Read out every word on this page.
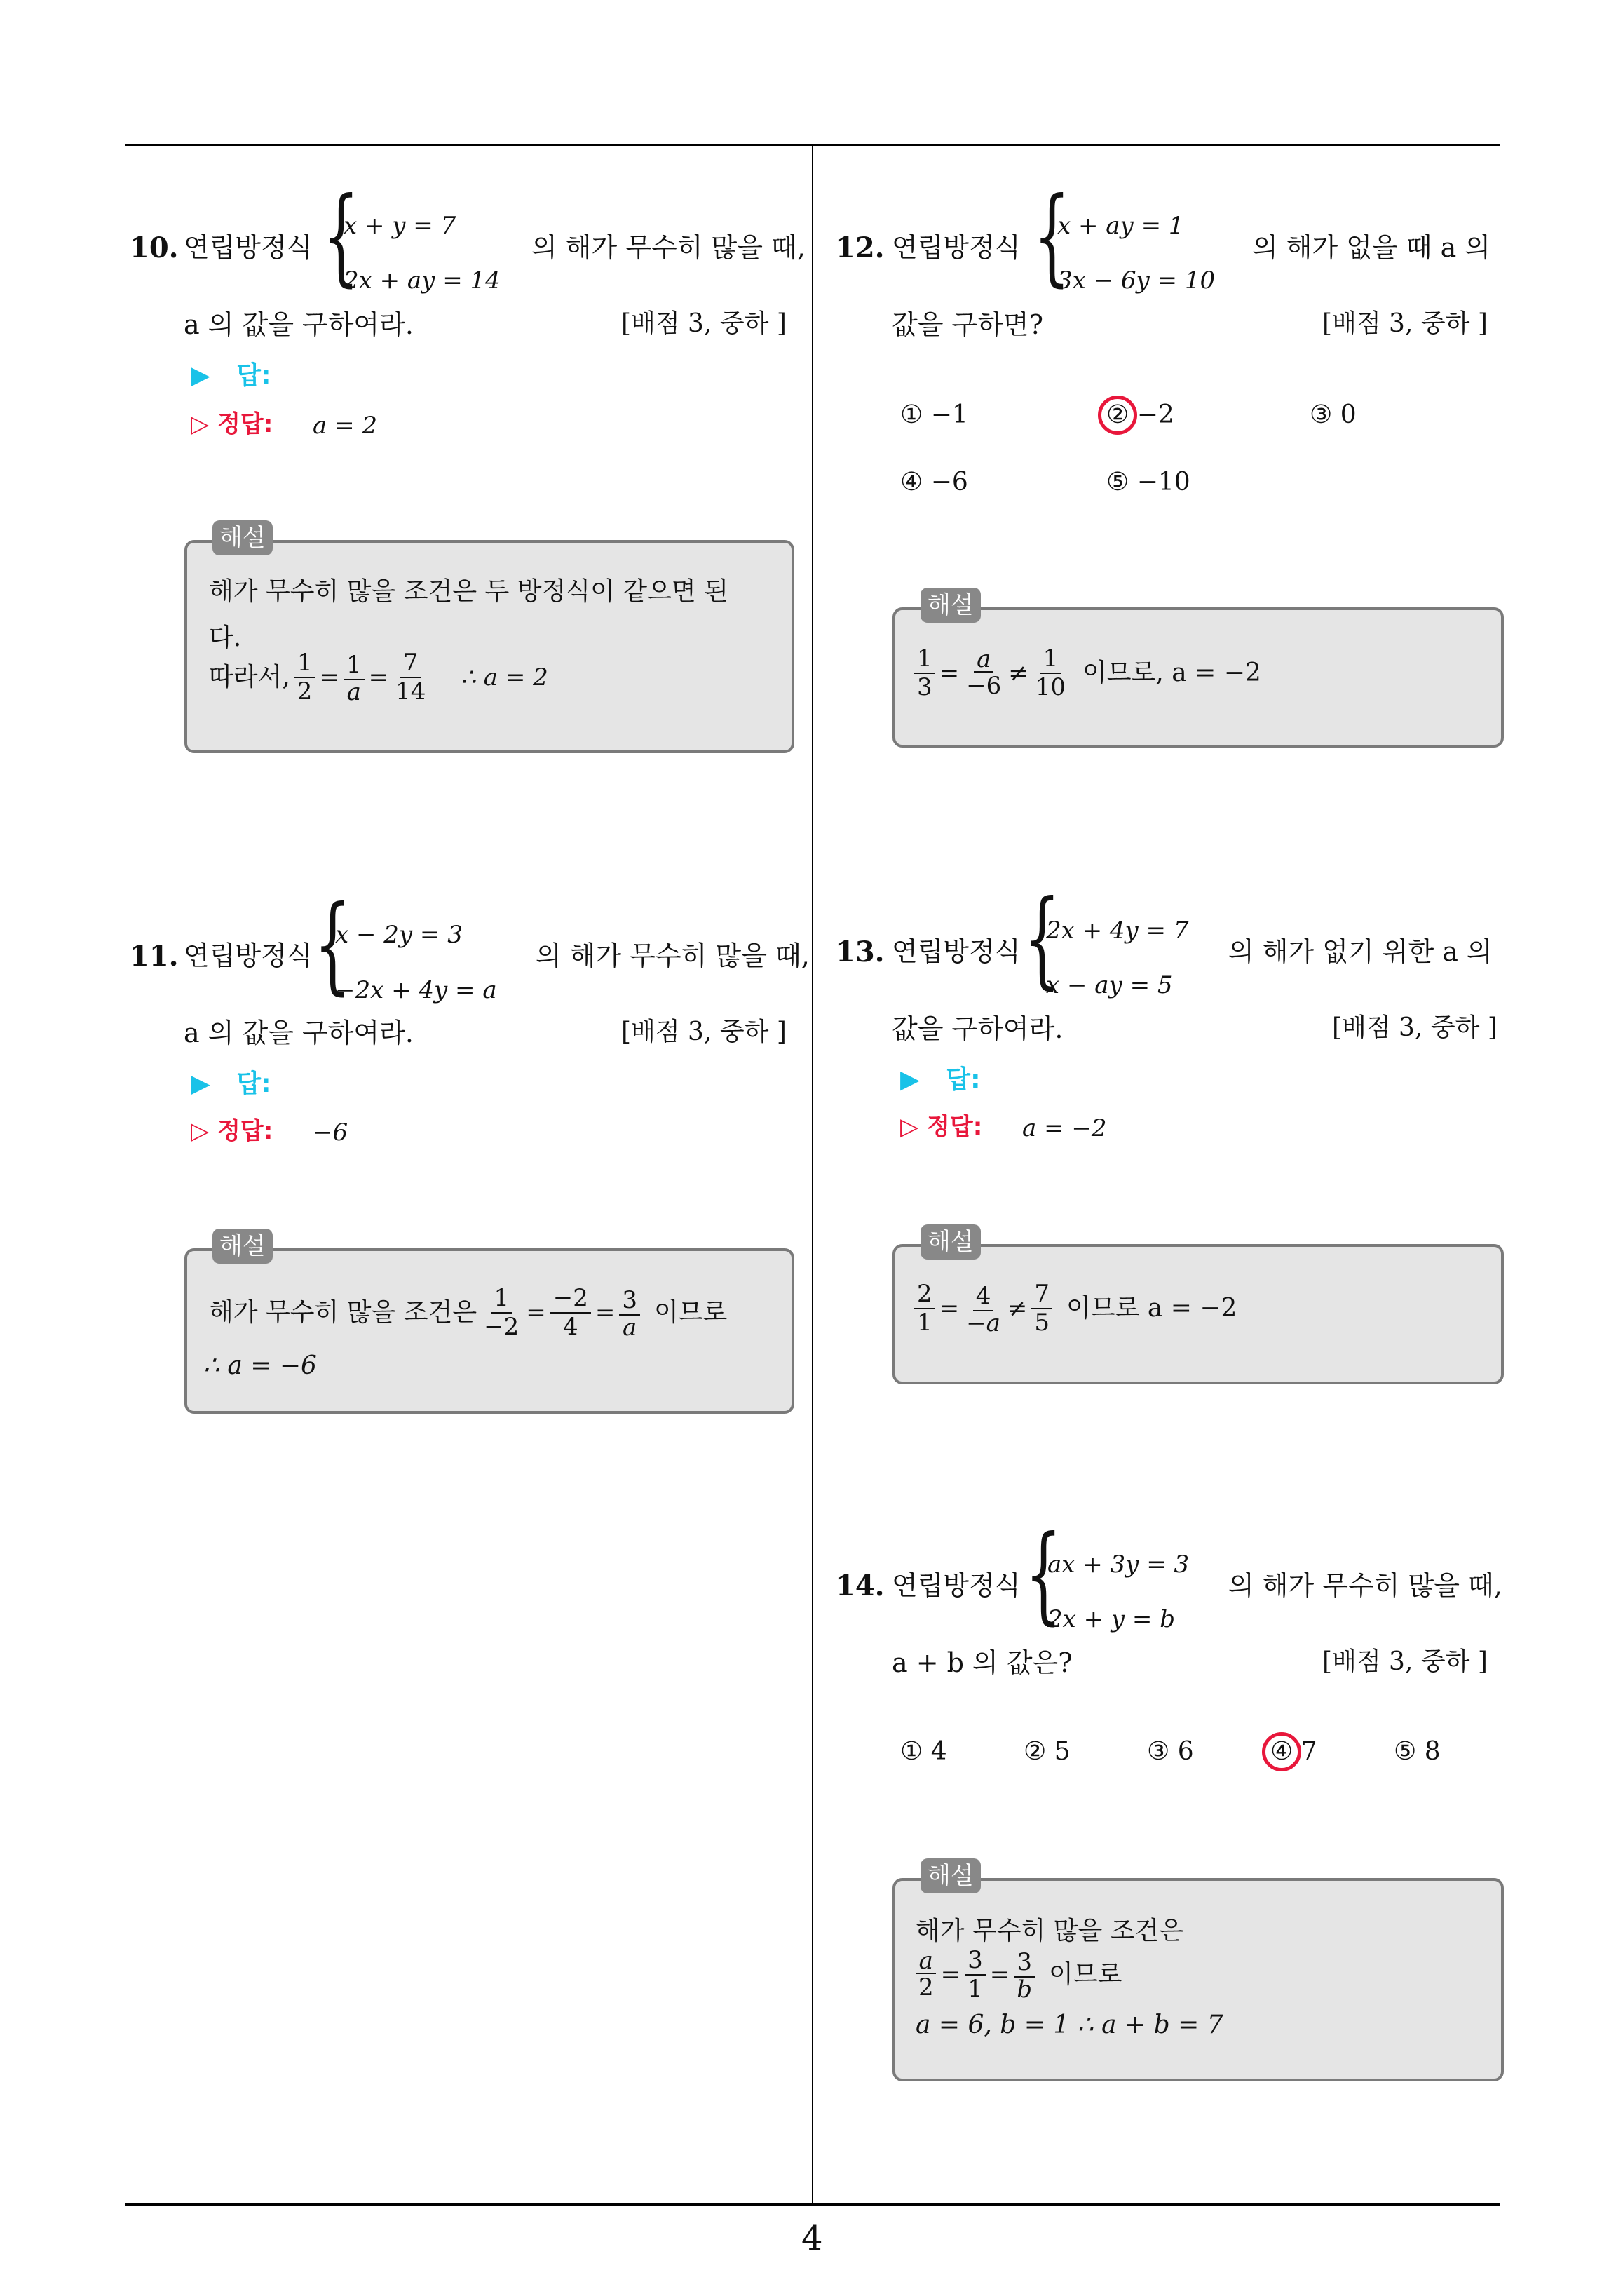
4
10. 연립방정식 {
x + y = 7
2x + ay = 14
의 해가 무수히 많을 때,
a 의 값을 구하여라.	[배점 3, 중하 ]
▶ 답:
▷ 정답: a = 2
해설
해가 무수히 많을 조건은 두 방정식이 같으면 된
다.
따라서, $\frac{1}{2} = \frac{1}{a} = \frac{7}{14}$ ∴ a = 2
11. 연립방정식 {
x − 2y = 3
−2x + 4y = a
의 해가 무수히 많을 때,
a 의 값을 구하여라.	[배점 3, 중하 ]
▶ 답:
▷ 정답: −6
해설
해가 무수히 많을 조건은 $\frac{1}{-2} = \frac{-2}{4} = \frac{3}{a}$ 이므로
∴ a = −6
12. 연립방정식 {
x + ay = 1
3x − 6y = 10
의 해가 없을 때 a 의
값을 구하면?	[배점 3, 중하 ]
① −1	② −2	③ 0
④ −6	⑤ −10
해설
$\frac{1}{3} = \frac{a}{-6} \ne \frac{1}{10}$ 이므로, a = −2
13. 연립방정식 {
2x + 4y = 7
x − ay = 5
의 해가 없기 위한 a 의
값을 구하여라.	[배점 3, 중하 ]
▶ 답:
▷ 정답: a = −2
해설
$\frac{2}{1} = \frac{4}{-a} \ne \frac{7}{5}$ 이므로 a = −2
14. 연립방정식 {
ax + 3y = 3
2x + y = b
의 해가 무수히 많을 때,
a + b 의 값은?	[배점 3, 중하 ]
① 4	② 5	③ 6	④ 7	⑤ 8
해설
해가 무수히 많을 조건은
$\frac{a}{2} = \frac{3}{1} = \frac{3}{b}$ 이므로
a = 6, b = 1 ∴ a + b = 7
